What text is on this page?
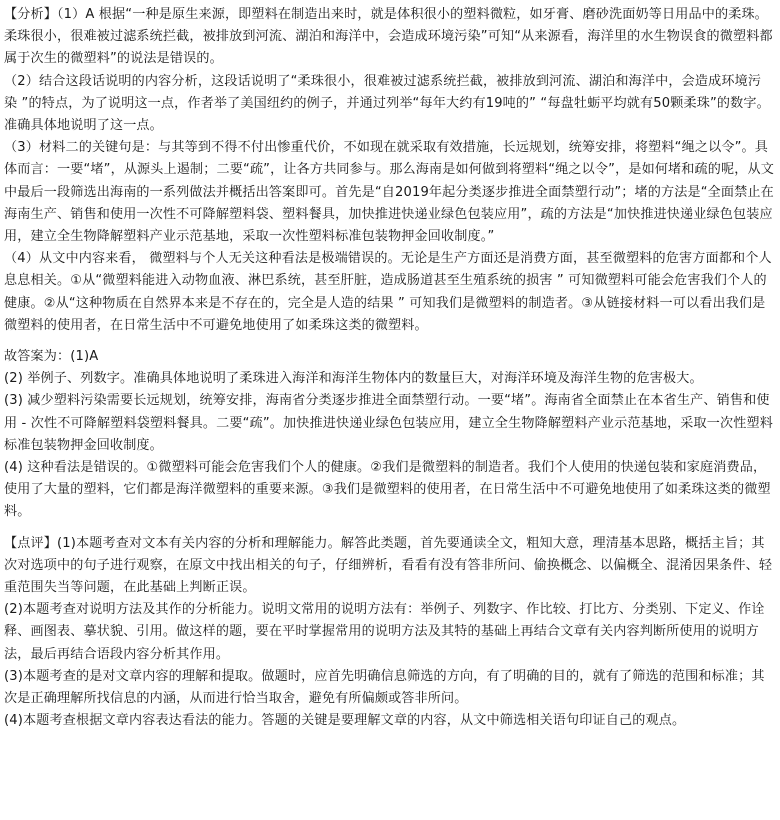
【分析】（1）A 根据“一种是原生来源，即塑料在制造出来时，就是体积很小的塑料微粒，如牙膏、磨砂洗面奶等日用品中的柔珠。柔珠很小，很难被过滤系统拦截，被排放到河流、湖泊和海洋中，会造成环境污染”可知“从来源看，海洋里的水生物误食的微塑料都属于次生的微塑料”的说法是错误的。

（2）结合这段话说明的内容分析，这段话说明了“柔珠很小，很难被过滤系统拦截，被排放到河流、湖泊和海洋中，会造成环境污染 ”的特点，为了说明这一点，作者举了美国纽约的例子，并通过列举“每年大约有19吨的” “每盘牡蛎平均就有50颗柔珠”的数字。准确具体地说明了这一点。

（3）材料二的关键句是：与其等到不得不付出惨重代价，不如现在就采取有效措施，长远规划，统筹安排，将塑料“绳之以令”。具体而言：一要“堵”，从源头上遏制；二要“疏”，让各方共同参与。那么海南是如何做到将塑料“绳之以令”，是如何堵和疏的呢，从文中最后一段筛选出海南的一系列做法并概括出答案即可。首先是“自2019年起分类逐步推进全面禁塑行动”；堵的方法是“全面禁止在海南生产、销售和使用一次性不可降解塑料袋、塑料餐具，加快推进快递业绿色包装应用”，疏的方法是“加快推进快递业绿色包装应用，建立全生物降解塑料产业示范基地，采取一次性塑料标准包装物押金回收制度。”

（4）从文中内容来看， 微塑料与个人无关这种看法是极端错误的。无论是生产方面还是消费方面，甚至微塑料的危害方面都和个人息息相关。①从“微塑料能进入动物血液、淋巴系统，甚至肝脏，造成肠道甚至生殖系统的损害 ” 可知微塑料可能会危害我们个人的健康。②从“这种物质在自然界本来是不存在的，完全是人造的结果 ” 可知我们是微塑料的制造者。③从链接材料一可以看出我们是微塑料的使用者，在日常生活中不可避免地使用了如柔珠这类的微塑料。

故答案为：(1)A

(2) 举例子、列数字。准确具体地说明了柔珠进入海洋和海洋生物体内的数量巨大，对海洋环境及海洋生物的危害极大。

(3) 减少塑料污染需要长远规划，统筹安排，海南省分类逐步推进全面禁塑行动。一要“堵”。海南省全面禁止在本省生产、销售和使用 - 次性不可降解塑料袋塑料餐具。二要“疏”。加快推进快递业绿色包装应用，建立全生物降解塑料产业示范基地，采取一次性塑料标准包装物押金回收制度。

(4) 这种看法是错误的。①微塑料可能会危害我们个人的健康。②我们是微塑料的制造者。我们个人使用的快递包装和家庭消费品，使用了大量的塑料，它们都是海洋微塑料的重要来源。③我们是微塑料的使用者，在日常生活中不可避免地使用了如柔珠这类的微塑料。

【点评】(1)本题考查对文本有关内容的分析和理解能力。解答此类题，首先要通读全文，粗知大意，理清基本思路，概括主旨；其次对选项中的句子进行观察，在原文中找出相关的句子，仔细辨析，看看有没有答非所问、偷换概念、以偏概全、混淆因果条件、轻重范围失当等问题，在此基础上判断正误。

(2)本题考查对说明方法及其作的分析能力。说明文常用的说明方法有：举例子、列数字、作比较、打比方、分类别、下定义、作诠释、画图表、摹状貌、引用。做这样的题，要在平时掌握常用的说明方法及其特的基础上再结合文章有关内容判断所使用的说明方法，最后再结合语段内容分析其作用。

(3)本题考查的是对文章内容的理解和提取。做题时，应首先明确信息筛选的方向，有了明确的目的，就有了筛选的范围和标准；其次是正确理解所找信息的内涵，从而进行恰当取舍，避免有所偏颇或答非所问。

(4)本题考查根据文章内容表达看法的能力。答题的关键是要理解文章的内容，从文中筛选相关语句印证自己的观点。
